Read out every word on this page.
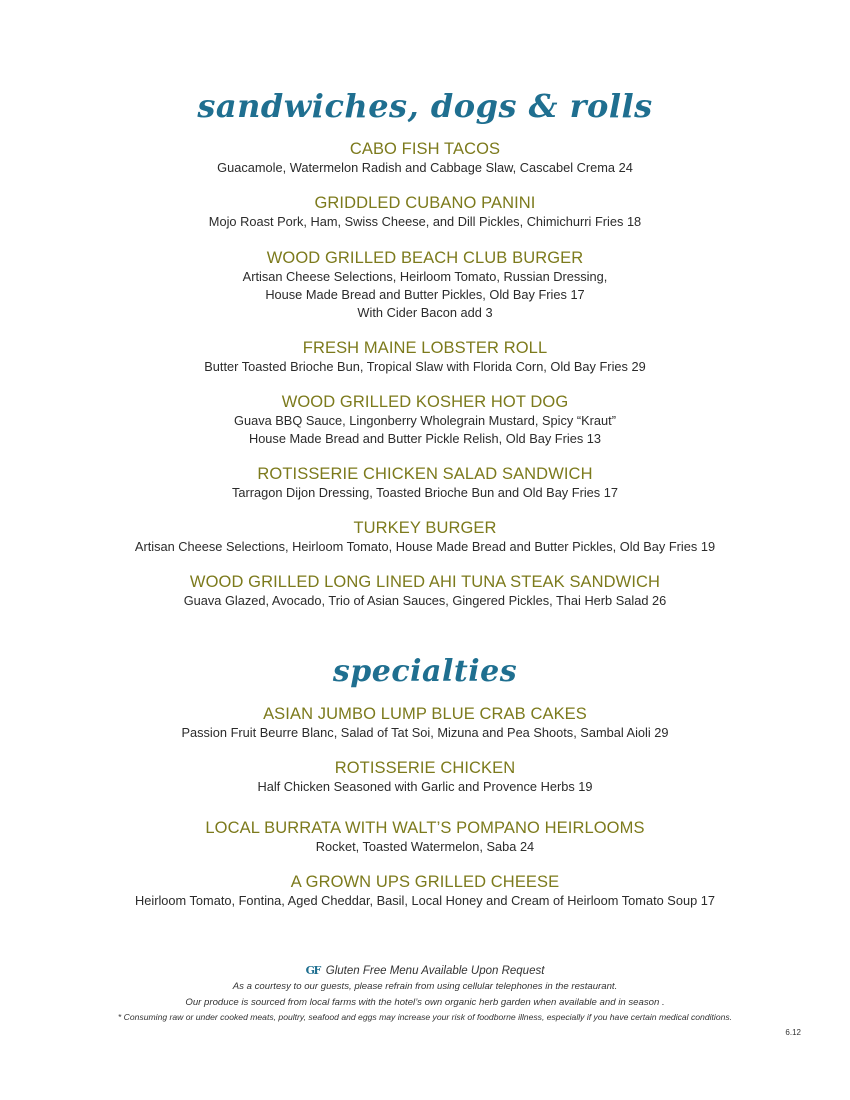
sandwiches, dogs & rolls
CABO FISH TACOS
Guacamole, Watermelon Radish and Cabbage Slaw, Cascabel Crema 24
GRIDDLED CUBANO PANINI
Mojo Roast Pork, Ham, Swiss Cheese, and Dill Pickles, Chimichurri Fries 18
WOOD GRILLED BEACH CLUB BURGER
Artisan Cheese Selections, Heirloom Tomato, Russian Dressing,
House Made Bread and Butter Pickles, Old Bay Fries 17
With Cider Bacon add 3
FRESH MAINE LOBSTER ROLL
Butter Toasted Brioche Bun, Tropical Slaw with Florida Corn, Old Bay Fries 29
WOOD GRILLED KOSHER HOT DOG
Guava BBQ Sauce, Lingonberry Wholegrain Mustard, Spicy “Kraut”
House Made Bread and Butter Pickle Relish, Old Bay Fries 13
ROTISSERIE CHICKEN SALAD SANDWICH
Tarragon Dijon Dressing, Toasted Brioche Bun and Old Bay Fries 17
TURKEY BURGER
Artisan Cheese Selections, Heirloom Tomato, House Made Bread and Butter Pickles, Old Bay Fries 19
WOOD GRILLED LONG LINED AHI TUNA STEAK SANDWICH
Guava Glazed, Avocado, Trio of Asian Sauces, Gingered Pickles, Thai Herb Salad 26
specialties
ASIAN JUMBO LUMP BLUE CRAB CAKES
Passion Fruit Beurre Blanc, Salad of Tat Soi, Mizuna and Pea Shoots, Sambal Aioli 29
ROTISSERIE CHICKEN
Half Chicken Seasoned with Garlic and Provence Herbs 19
LOCAL BURRATA WITH WALT’S POMPANO HEIRLOOMS
Rocket, Toasted Watermelon, Saba 24
A GROWN UPS GRILLED CHEESE
Heirloom Tomato, Fontina, Aged Cheddar, Basil, Local Honey and Cream of Heirloom Tomato Soup 17
GF Gluten Free Menu Available Upon Request
As a courtesy to our guests, please refrain from using cellular telephones in the restaurant.
Our produce is sourced from local farms with the hotel’s own organic herb garden when available and in season .
* Consuming raw or under cooked meats, poultry, seafood and eggs may increase your risk of foodborne illness, especially if you have certain medical conditions.
6.12
